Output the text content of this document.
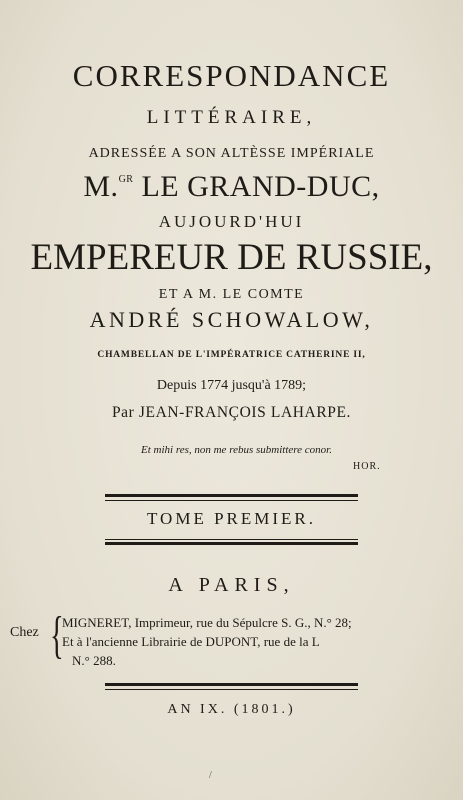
CORRESPONDANCE
LITTÉRAIRE,
ADRESSÉE A SON ALTÈSSE IMPÉRIALE
M.$^{GR}$ LE GRAND-DUC,
AUJOURD'HUI
EMPEREUR DE RUSSIE,
ET A M. LE COMTE
ANDRÉ SCHOWALOW,
CHAMBELLAN DE L'IMPÉRATRICE CATHERINE II,
Depuis 1774 jusqu'à 1789;
Par JEAN-FRANÇOIS LAHARPE.
Et mihi res, non me rebus submittere conor.
HOR.
TOME PREMIER.
A PARIS,
Chez {
MIGNERET, Imprimeur, rue du Sépulcre S. G., N.° 28;
Et à l'ancienne Librairie de DUPONT, rue de la L
N.° 288.
AN IX. (1801.)
/
